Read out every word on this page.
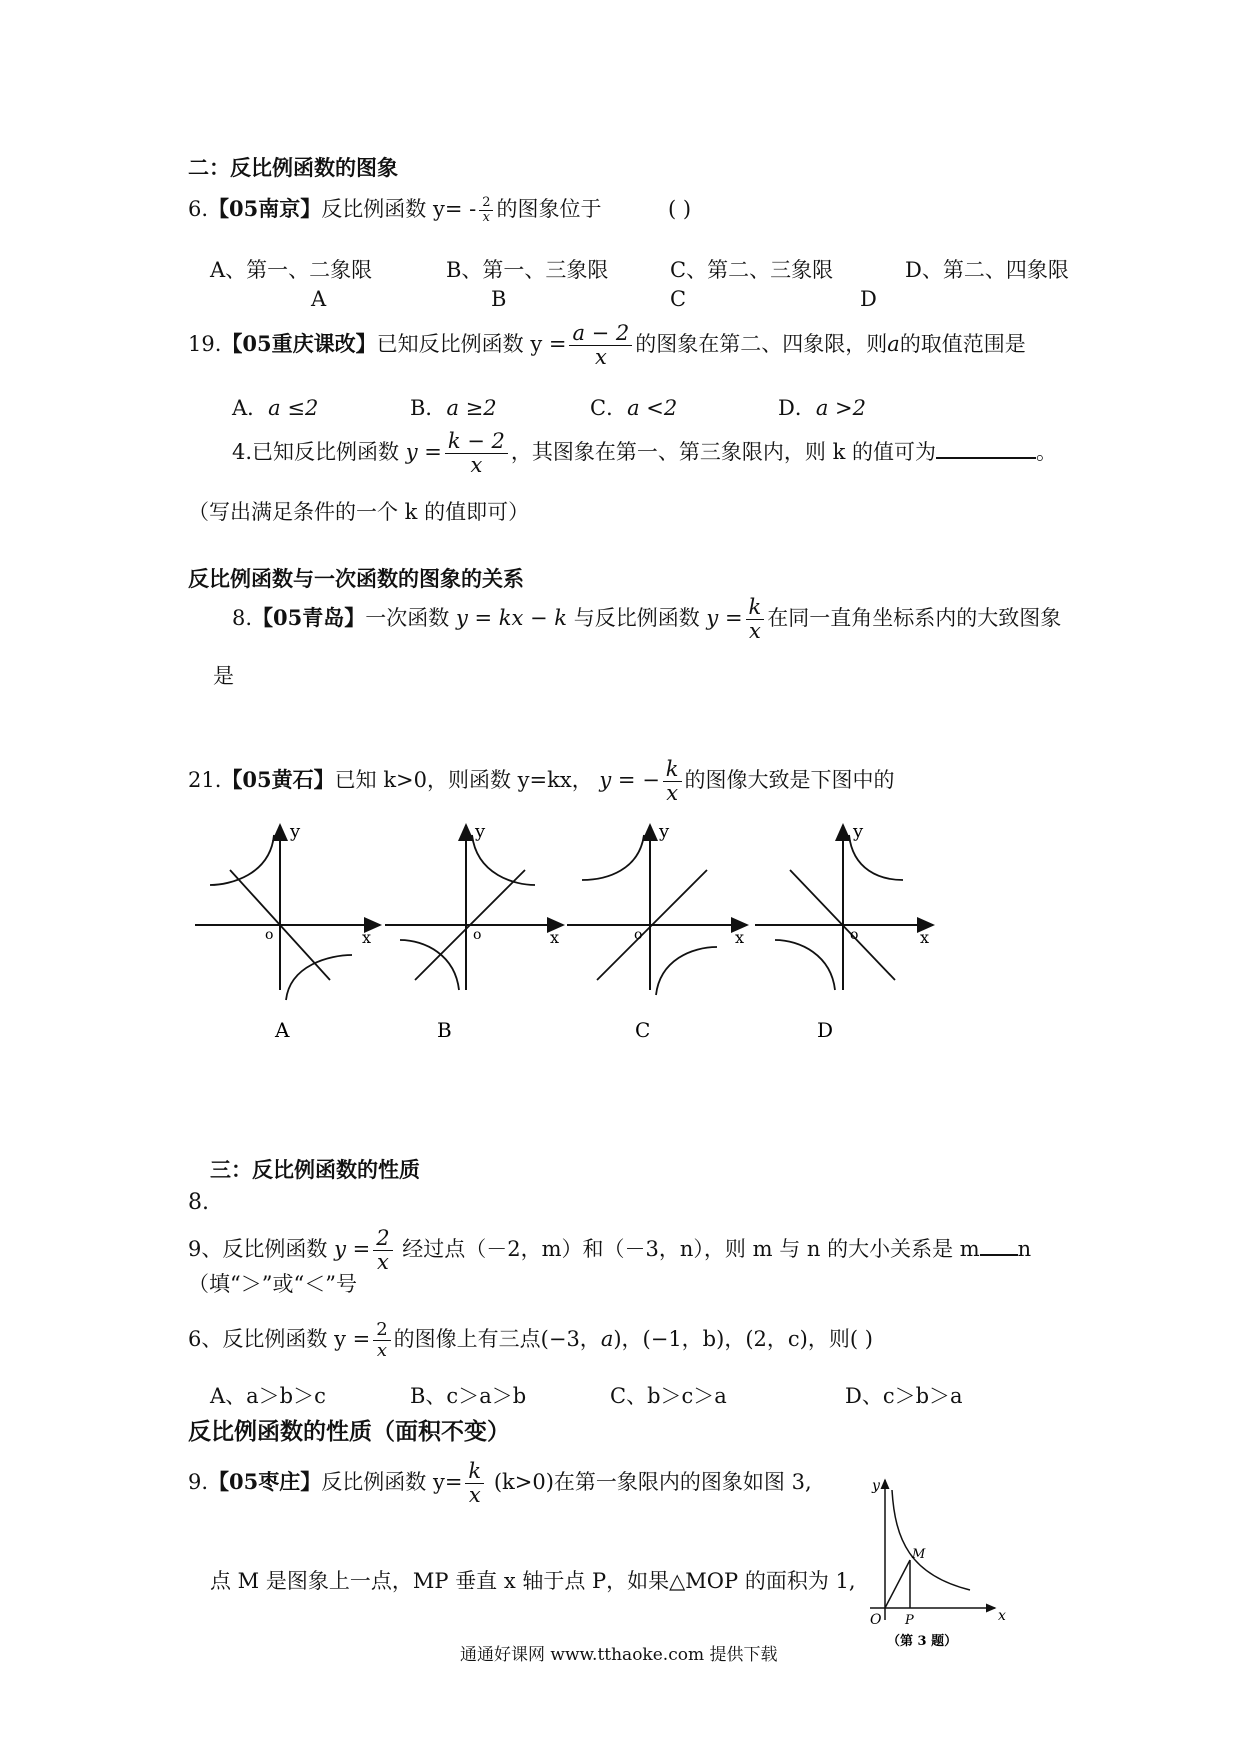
二：反比例函数的图象
6.【05南京】反比例函数 $y= - \frac{2}{x}$ 的图象位于	( )
A、第一、二象限	B、第一、三象限	C、第二、三象限	D、第二、四象限
A	B	C	D
19.【05重庆课改】已知反比例函数 $y = \frac{a - 2}{x}$ 的图象在第二、四象限，则a的取值范围是
A．a ≤2	B．a ≥2	C．a <2	D．a >2
4.已知反比例函数 $y = \frac{k - 2}{x}$ ，其图象在第一、第三象限内，则 k 的值可为	。
（写出满足条件的一个 k 的值即可）
反比例函数与一次函数的图象的关系
8.【05青岛】一次函数 y = kx − k 与反比例函数 $y = \frac{k}{x}$ 在同一直角坐标系内的大致图象
是
21.【05黄石】已知 k>0，则函数 y=kx， y = − $\frac{k}{x}$ 的图像大致是下图中的
y
x
o
A
y
x
o
B
y
x
o
C
y
x
o
D
三：反比例函数的性质
8.
9、反比例函数 $y = \frac{2}{x}$ 经过点（－2，m）和（－3，n），则 m 与 n 的大小关系是 m n
（填“＞”或“＜”号
6、反比例函数 $y = \frac{2}{x}$ 的图像上有三点(−3，a)，(−1，b)，(2，c)，则( )
A、a＞b＞c	B、c＞a＞b	C、b＞c＞a	D、c＞b＞a
反比例函数的性质（面积不变）
9.【05枣庄】反比例函数 $y= \frac{k}{x} (k>0)$在第一象限内的图象如图 3,
点 M 是图象上一点，MP 垂直 x 轴于点 P，如果△MOP 的面积为 1,
y
x
O P
M
（第 3 题）
通通好课网 www.tthaoke.com 提供下载
